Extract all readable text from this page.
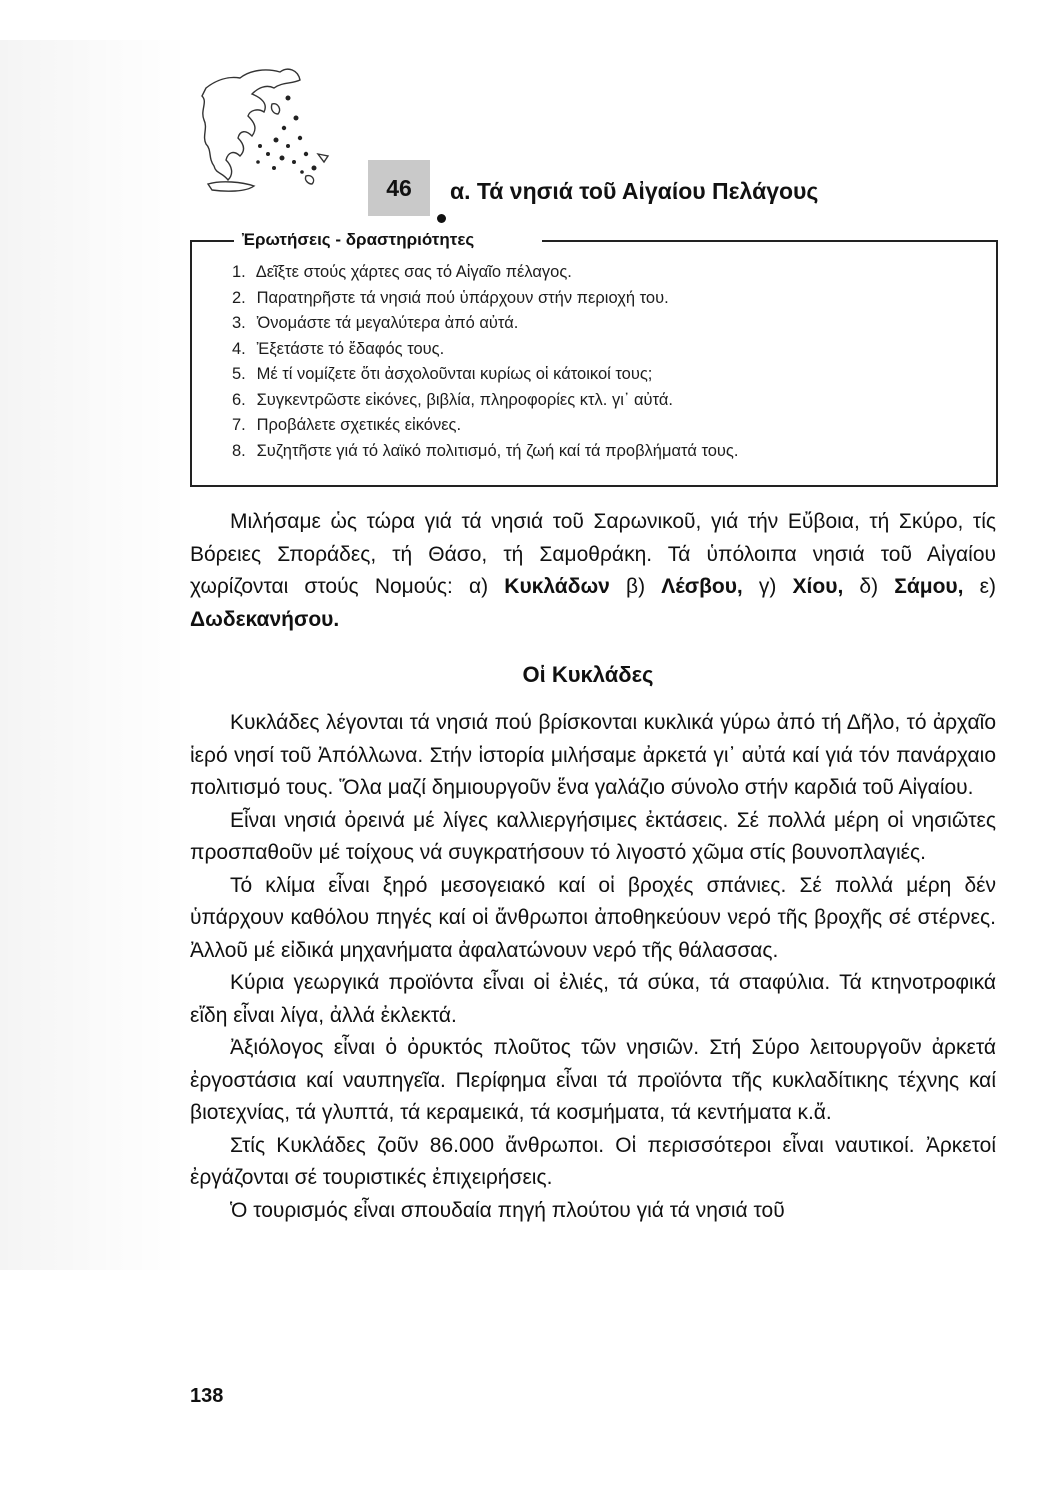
46	α. Τά νησιά τοῦ Αἰγαίου Πελάγους
Ἐρωτήσεις - δραστηριότητες
1. Δεῖξτε στούς χάρτες σας τό Αἰγαῖο πέλαγος.
2. Παρατηρῆστε τά νησιά πού ὑπάρχουν στήν περιοχή του.
3. Ὀνομάστε τά μεγαλύτερα ἀπό αὐτά.
4. Ἐξετάστε τό ἔδαφός τους.
5. Μέ τί νομίζετε ὅτι ἀσχολοῦνται κυρίως οἱ κάτοικοί τους;
6. Συγκεντρῶστε εἰκόνες, βιβλία, πληροφορίες κτλ. γι᾿ αὐτά.
7. Προβάλετε σχετικές εἰκόνες.
8. Συζητῆστε γιά τό λαϊκό πολιτισμό, τή ζωή καί τά προβλήματά τους.

Μιλήσαμε ὡς τώρα γιά τά νησιά τοῦ Σαρωνικοῦ, γιά τήν Εὔβοια, τή Σκύρο, τίς Βόρειες Σποράδες, τή Θάσο, τή Σαμοθράκη. Τά ὑπόλοιπα νησιά τοῦ Αἰγαίου χωρίζονται στούς Νομούς: α) Κυκλάδων β) Λέσβου, γ) Χίου, δ) Σάμου, ε) Δωδεκανήσου.

Οἱ Κυκλάδες

Κυκλάδες λέγονται τά νησιά πού βρίσκονται κυκλικά γύρω ἀπό τή Δῆλο, τό ἀρχαῖο ἱερό νησί τοῦ Ἀπόλλωνα. Στήν ἱστορία μιλήσαμε ἀρκετά γι᾿ αὐτά καί γιά τόν πανάρχαιο πολιτισμό τους. Ὅλα μαζί δημιουργοῦν ἕνα γαλάζιο σύνολο στήν καρδιά τοῦ Αἰγαίου.

Εἶναι νησιά ὀρεινά μέ λίγες καλλιεργήσιμες ἐκτάσεις. Σέ πολλά μέρη οἱ νησιῶτες προσπαθοῦν μέ τοίχους νά συγκρατήσουν τό λιγοστό χῶμα στίς βουνοπλαγιές.

Τό κλίμα εἶναι ξηρό μεσογειακό καί οἱ βροχές σπάνιες. Σέ πολλά μέρη δέν ὑπάρχουν καθόλου πηγές καί οἱ ἄνθρωποι ἀποθηκεύουν νερό τῆς βροχῆς σέ στέρνες. Ἀλλοῦ μέ εἰδικά μηχανήματα ἀφαλατώνουν νερό τῆς θάλασσας.

Κύρια γεωργικά προϊόντα εἶναι οἱ ἐλιές, τά σύκα, τά σταφύλια. Τά κτηνοτροφικά εἴδη εἶναι λίγα, ἀλλά ἐκλεκτά.

Ἀξιόλογος εἶναι ὁ ὀρυκτός πλοῦτος τῶν νησιῶν. Στή Σύρο λειτουργοῦν ἀρκετά ἐργοστάσια καί ναυπηγεῖα. Περίφημα εἶναι τά προϊόντα τῆς κυκλαδίτικης τέχνης καί βιοτεχνίας, τά γλυπτά, τά κεραμεικά, τά κοσμήματα, τά κεντήματα κ.ἄ.

Στίς Κυκλάδες ζοῦν 86.000 ἄνθρωποι. Οἱ περισσότεροι εἶναι ναυτικοί. Ἀρκετοί ἐργάζονται σέ τουριστικές ἐπιχειρήσεις.

Ὁ τουρισμός εἶναι σπουδαία πηγή πλούτου γιά τά νησιά τοῦ

138
